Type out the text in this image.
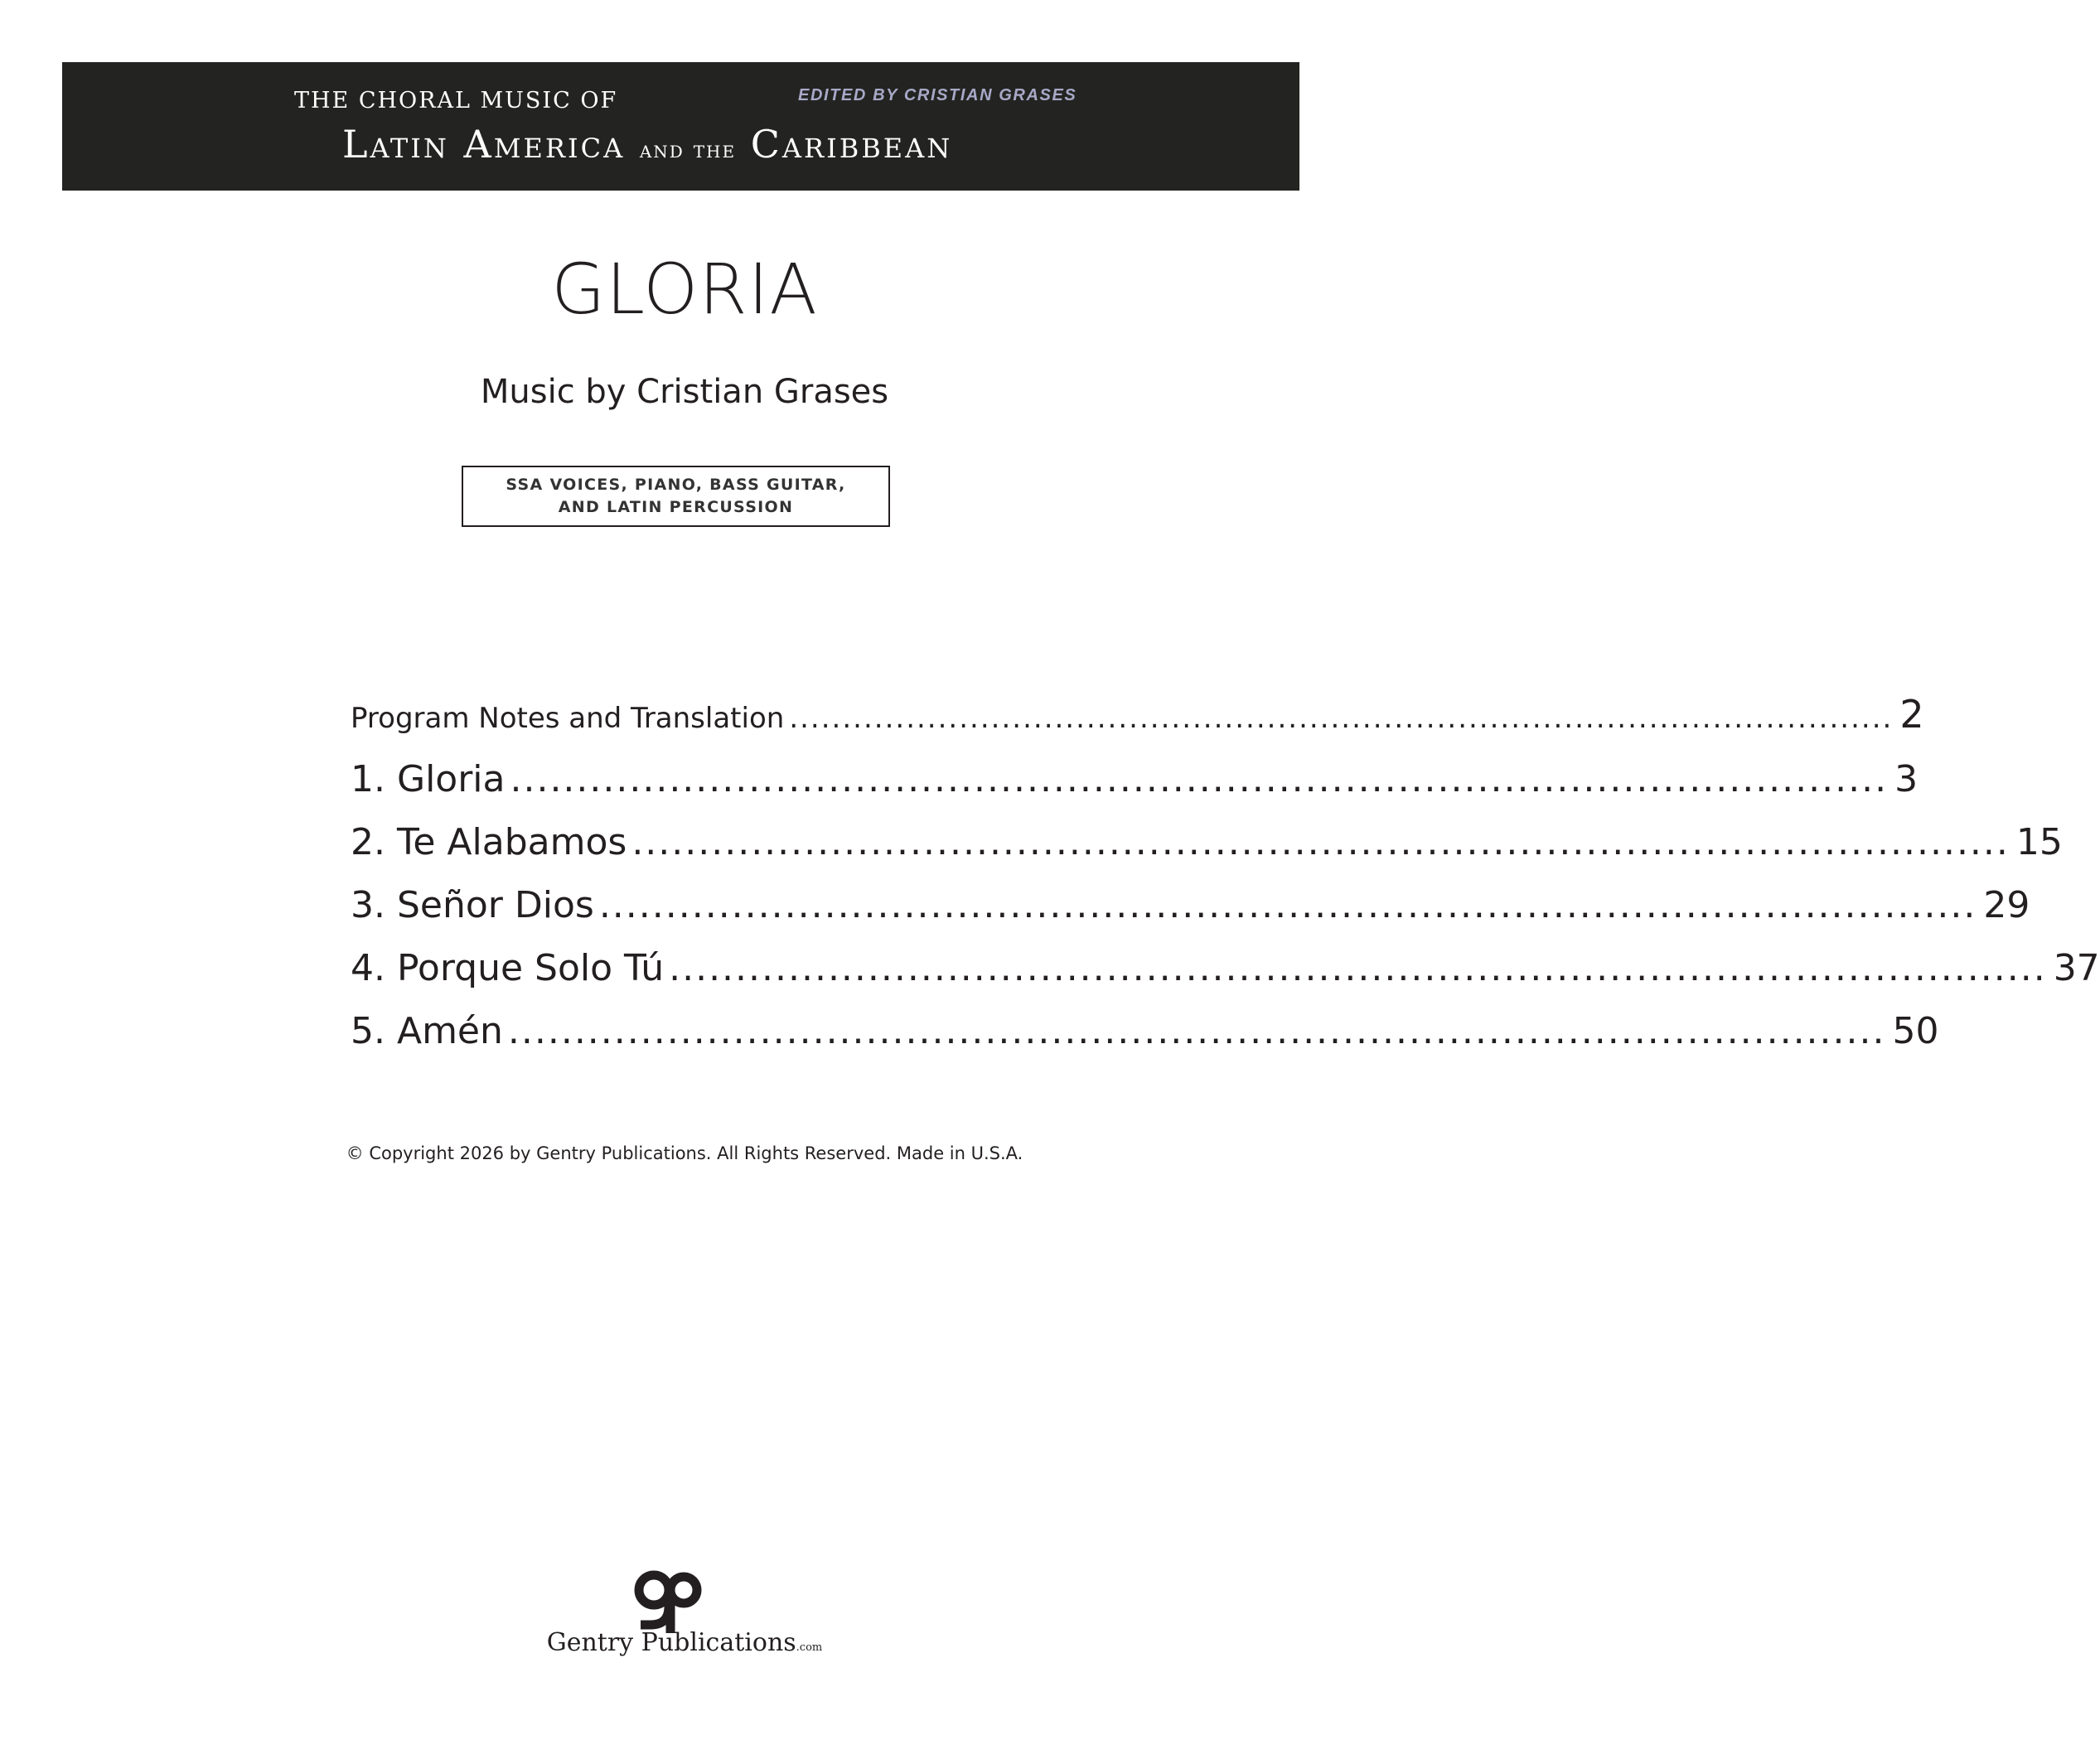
THE CHORAL MUSIC OF	EDITED BY CRISTIAN GRASES
Latin America and the Caribbean
GLORIA
Music by Cristian Grases
SSA VOICES, PIANO, BASS GUITAR,
AND LATIN PERCUSSION
Program Notes and Translation ........................................................................................................ 2
1. Gloria ........................................................................................................ 3
2. Te Alabamos ........................................................................................................ 15
3. Señor Dios ........................................................................................................ 29
4. Porque Solo Tú ........................................................................................................ 37
5. Amén ........................................................................................................ 50
© Copyright 2026 by Gentry Publications. All Rights Reserved. Made in U.S.A.
Gentry Publications.com
